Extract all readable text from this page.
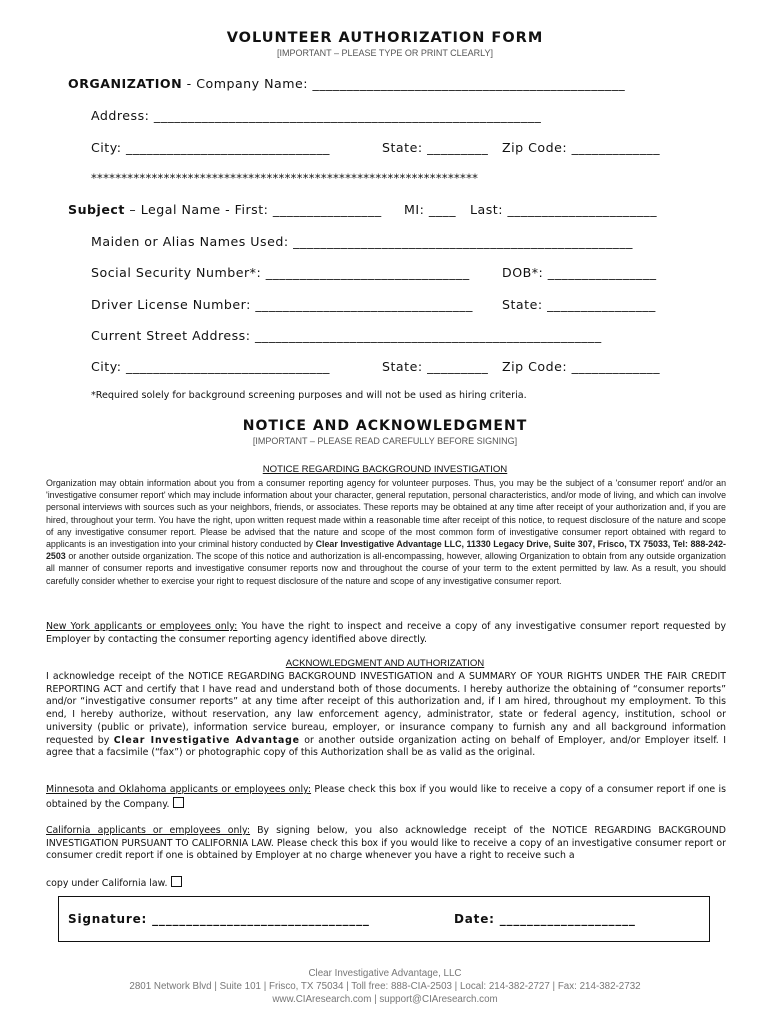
VOLUNTEER AUTHORIZATION FORM
[IMPORTANT – PLEASE TYPE OR PRINT CLEARLY]
ORGANIZATION - Company Name: ______________________________________________
Address: _________________________________________________________
City: ______________________________	State: _________ Zip Code: _____________
****************************************************************
Subject – Legal Name - First: ________________ MI: ____ Last: ______________________
Maiden or Alias Names Used: __________________________________________________
Social Security Number*: ______________________________	DOB*: ________________
Driver License Number: ________________________________ State: ________________
Current Street Address: ___________________________________________________
City: ______________________________	State: _________ Zip Code: _____________
*Required solely for background screening purposes and will not be used as hiring criteria.
NOTICE AND ACKNOWLEDGMENT
[IMPORTANT – PLEASE READ CAREFULLY BEFORE SIGNING]
NOTICE REGARDING BACKGROUND INVESTIGATION
Organization may obtain information about you from a consumer reporting agency for volunteer purposes. Thus, you may be the subject of a 'consumer report' and/or an 'investigative consumer report' which may include information about your character, general reputation, personal characteristics, and/or mode of living, and which can involve personal interviews with sources such as your neighbors, friends, or associates. These reports may be obtained at any time after receipt of your authorization and, if you are hired, throughout your term. You have the right, upon written request made within a reasonable time after receipt of this notice, to request disclosure of the nature and scope of any investigative consumer report. Please be advised that the nature and scope of the most common form of investigative consumer report obtained with regard to applicants is an investigation into your criminal history conducted by Clear Investigative Advantage LLC, 11330 Legacy Drive, Suite 307, Frisco, TX 75033, Tel: 888-242-2503 or another outside organization. The scope of this notice and authorization is all-encompassing, however, allowing Organization to obtain from any outside organization all manner of consumer reports and investigative consumer reports now and throughout the course of your term to the extent permitted by law. As a result, you should carefully consider whether to exercise your right to request disclosure of the nature and scope of any investigative consumer report.
New York applicants or employees only: You have the right to inspect and receive a copy of any investigative consumer report requested by Employer by contacting the consumer reporting agency identified above directly.
ACKNOWLEDGMENT AND AUTHORIZATION
I acknowledge receipt of the NOTICE REGARDING BACKGROUND INVESTIGATION and A SUMMARY OF YOUR RIGHTS UNDER THE FAIR CREDIT REPORTING ACT and certify that I have read and understand both of those documents. I hereby authorize the obtaining of “consumer reports” and/or “investigative consumer reports” at any time after receipt of this authorization and, if I am hired, throughout my employment. To this end, I hereby authorize, without reservation, any law enforcement agency, administrator, state or federal agency, institution, school or university (public or private), information service bureau, employer, or insurance company to furnish any and all background information requested by Clear Investigative Advantage or another outside organization acting on behalf of Employer, and/or Employer itself. I agree that a facsimile (“fax”) or photographic copy of this Authorization shall be as valid as the original.
Minnesota and Oklahoma applicants or employees only: Please check this box if you would like to receive a copy of a consumer report if one is obtained by the Company.
California applicants or employees only: By signing below, you also acknowledge receipt of the NOTICE REGARDING BACKGROUND INVESTIGATION PURSUANT TO CALIFORNIA LAW. Please check this box if you would like to receive a copy of an investigative consumer report or consumer credit report if one is obtained by Employer at no charge whenever you have a right to receive such a
copy under California law.
Signature: ________________________________	Date: ____________________
Clear Investigative Advantage, LLC
2801 Network Blvd | Suite 101 | Frisco, TX 75034 | Toll free: 888-CIA-2503 | Local: 214-382-2727 | Fax: 214-382-2732
www.CIAresearch.com | support@CIAresearch.com
